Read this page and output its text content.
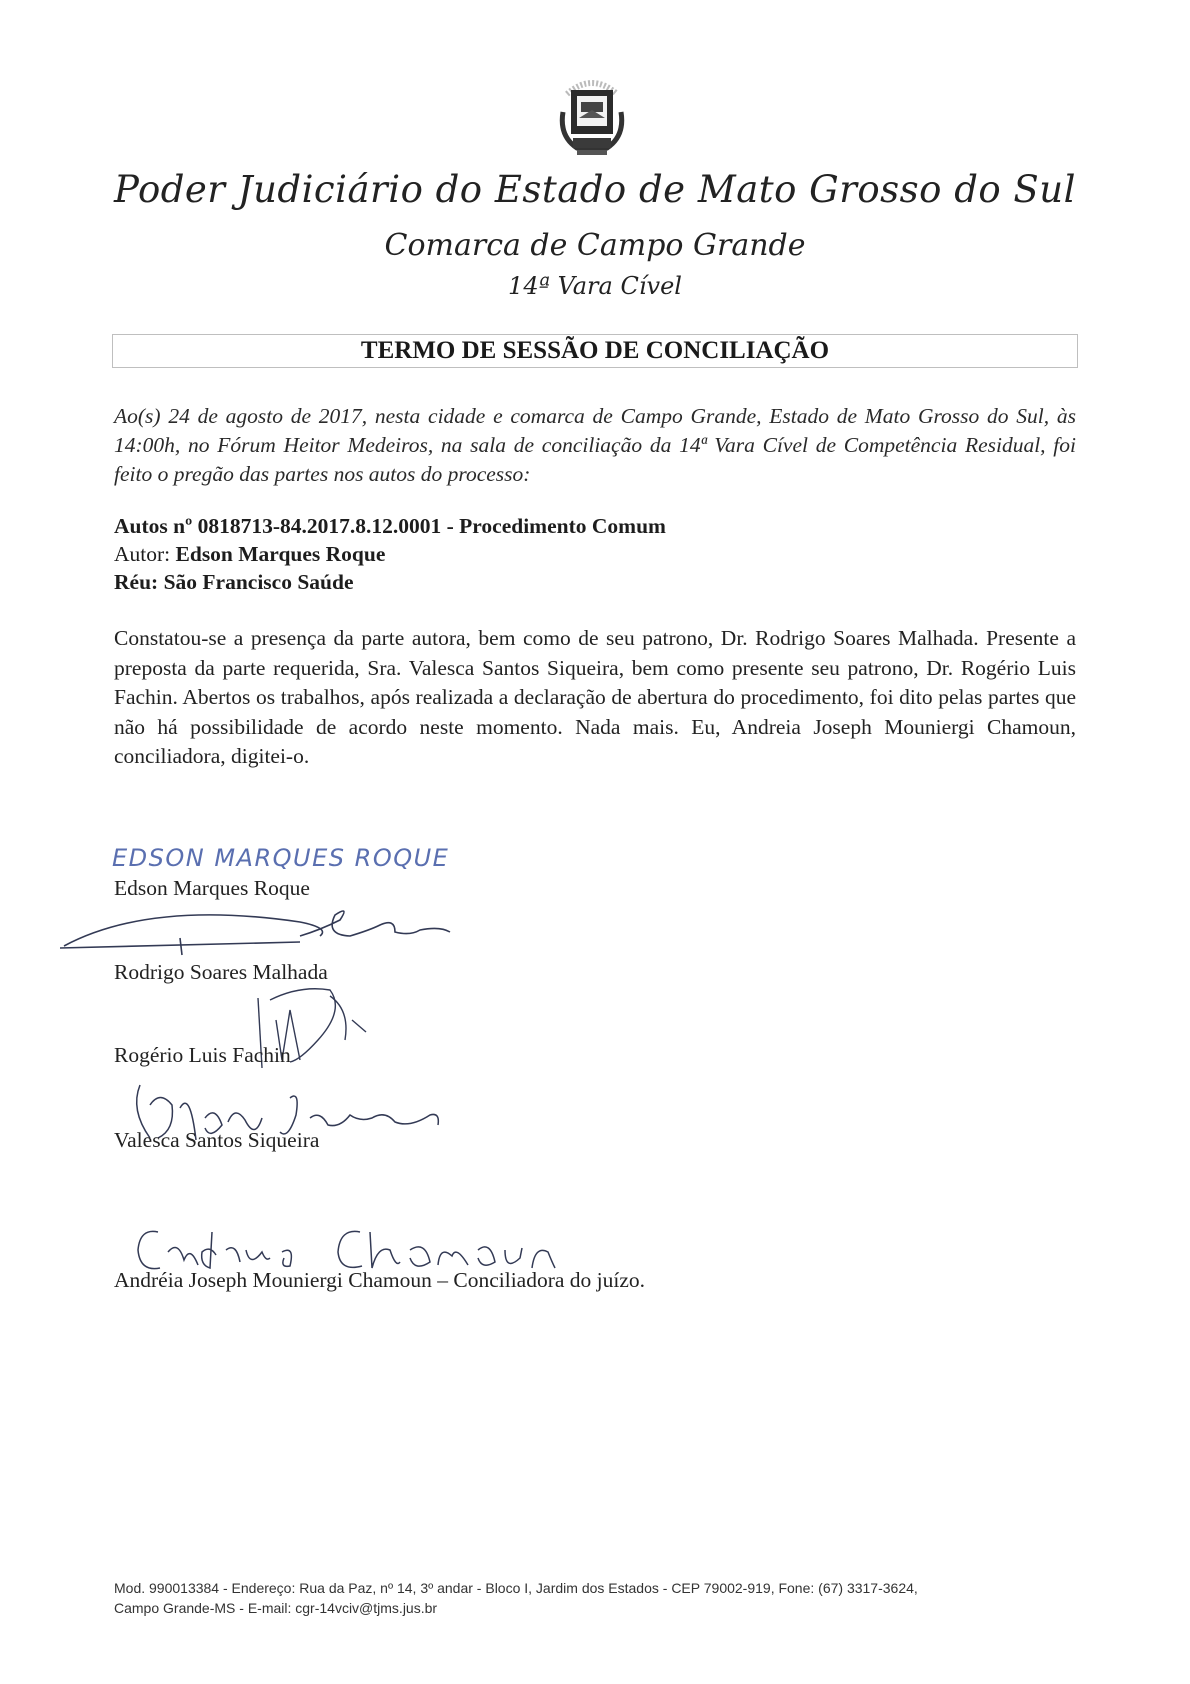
Poder Judiciário do Estado de Mato Grosso do Sul
Comarca de Campo Grande
14ª Vara Cível
TERMO DE SESSÃO DE CONCILIAÇÃO
Ao(s) 24 de agosto de 2017, nesta cidade e comarca de Campo Grande, Estado de Mato Grosso do Sul, às 14:00h, no Fórum Heitor Medeiros, na sala de conciliação da 14ª Vara Cível de Competência Residual, foi feito o pregão das partes nos autos do processo:
Autos nº 0818713-84.2017.8.12.0001 - Procedimento Comum
Autor: Edson Marques Roque
Réu: São Francisco Saúde
Constatou-se a presença da parte autora, bem como de seu patrono, Dr. Rodrigo Soares Malhada. Presente a preposta da parte requerida, Sra. Valesca Santos Siqueira, bem como presente seu patrono, Dr. Rogério Luis Fachin. Abertos os trabalhos, após realizada a declaração de abertura do procedimento, foi dito pelas partes que não há possibilidade de acordo neste momento. Nada mais. Eu, Andreia Joseph Mouniergi Chamoun, conciliadora, digitei-o.
EDSON MARQUES ROQUE
Edson Marques Roque
Rodrigo Soares Malhada
Rogério Luis Fachin
Valesca Santos Siqueira
Andréia Joseph Mouniergi Chamoun – Conciliadora do juízo.
Mod. 990013384 - Endereço: Rua da Paz, nº 14, 3º andar - Bloco I, Jardim dos Estados - CEP 79002-919, Fone: (67) 3317-3624,
Campo Grande-MS - E-mail: cgr-14vciv@tjms.jus.br
